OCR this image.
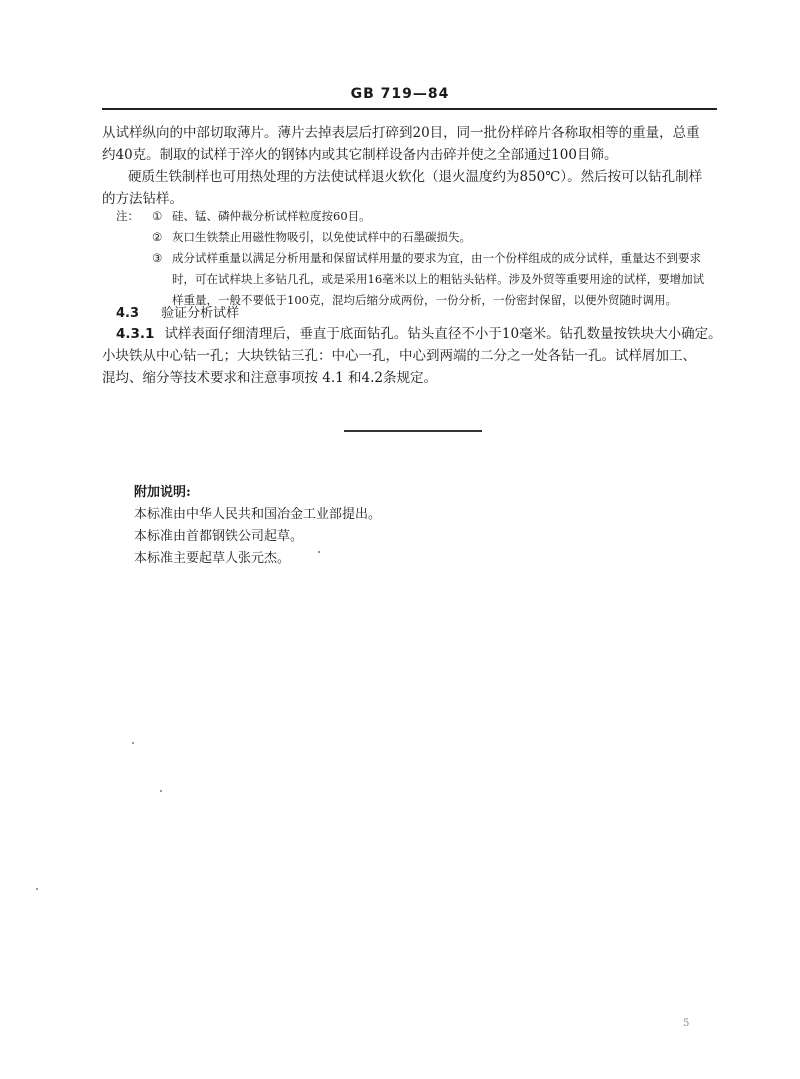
GB 719—84
从试样纵向的中部切取薄片。薄片去掉表层后打碎到20目，同一批份样碎片各称取相等的重量，总重
约40克。制取的试样于淬火的钢钵内或其它制样设备内击碎并使之全部通过100目筛。
硬质生铁制样也可用热处理的方法使试样退火软化（退火温度约为850℃）。然后按可以钻孔制样
的方法钻样。
注：	① 硅、锰、磷仲裁分析试样粒度按60目。
② 灰口生铁禁止用磁性物吸引，以免使试样中的石墨碳损失。
③ 成分试样重量以满足分析用量和保留试样用量的要求为宜，由一个份样组成的成分试样，重量达不到要求
时，可在试样块上多钻几孔，或是采用16毫米以上的粗钻头钻样。涉及外贸等重要用途的试样，要增加试
样重量，一般不要低于100克，混均后缩分成两份，一份分析，一份密封保留，以便外贸随时调用。
4.3 验证分析试样
4.3.1 试样表面仔细清理后，垂直于底面钻孔。钻头直径不小于10毫米。钻孔数量按铁块大小确定。
小块铁从中心钻一孔；大块铁钻三孔：中心一孔，中心到两端的二分之一处各钻一孔。试样屑加工、
混均、缩分等技术要求和注意事项按 4.1 和4.2条规定。
附加说明:
本标准由中华人民共和国冶金工业部提出。
本标准由首都钢铁公司起草。
本标准主要起草人张元杰。
5
